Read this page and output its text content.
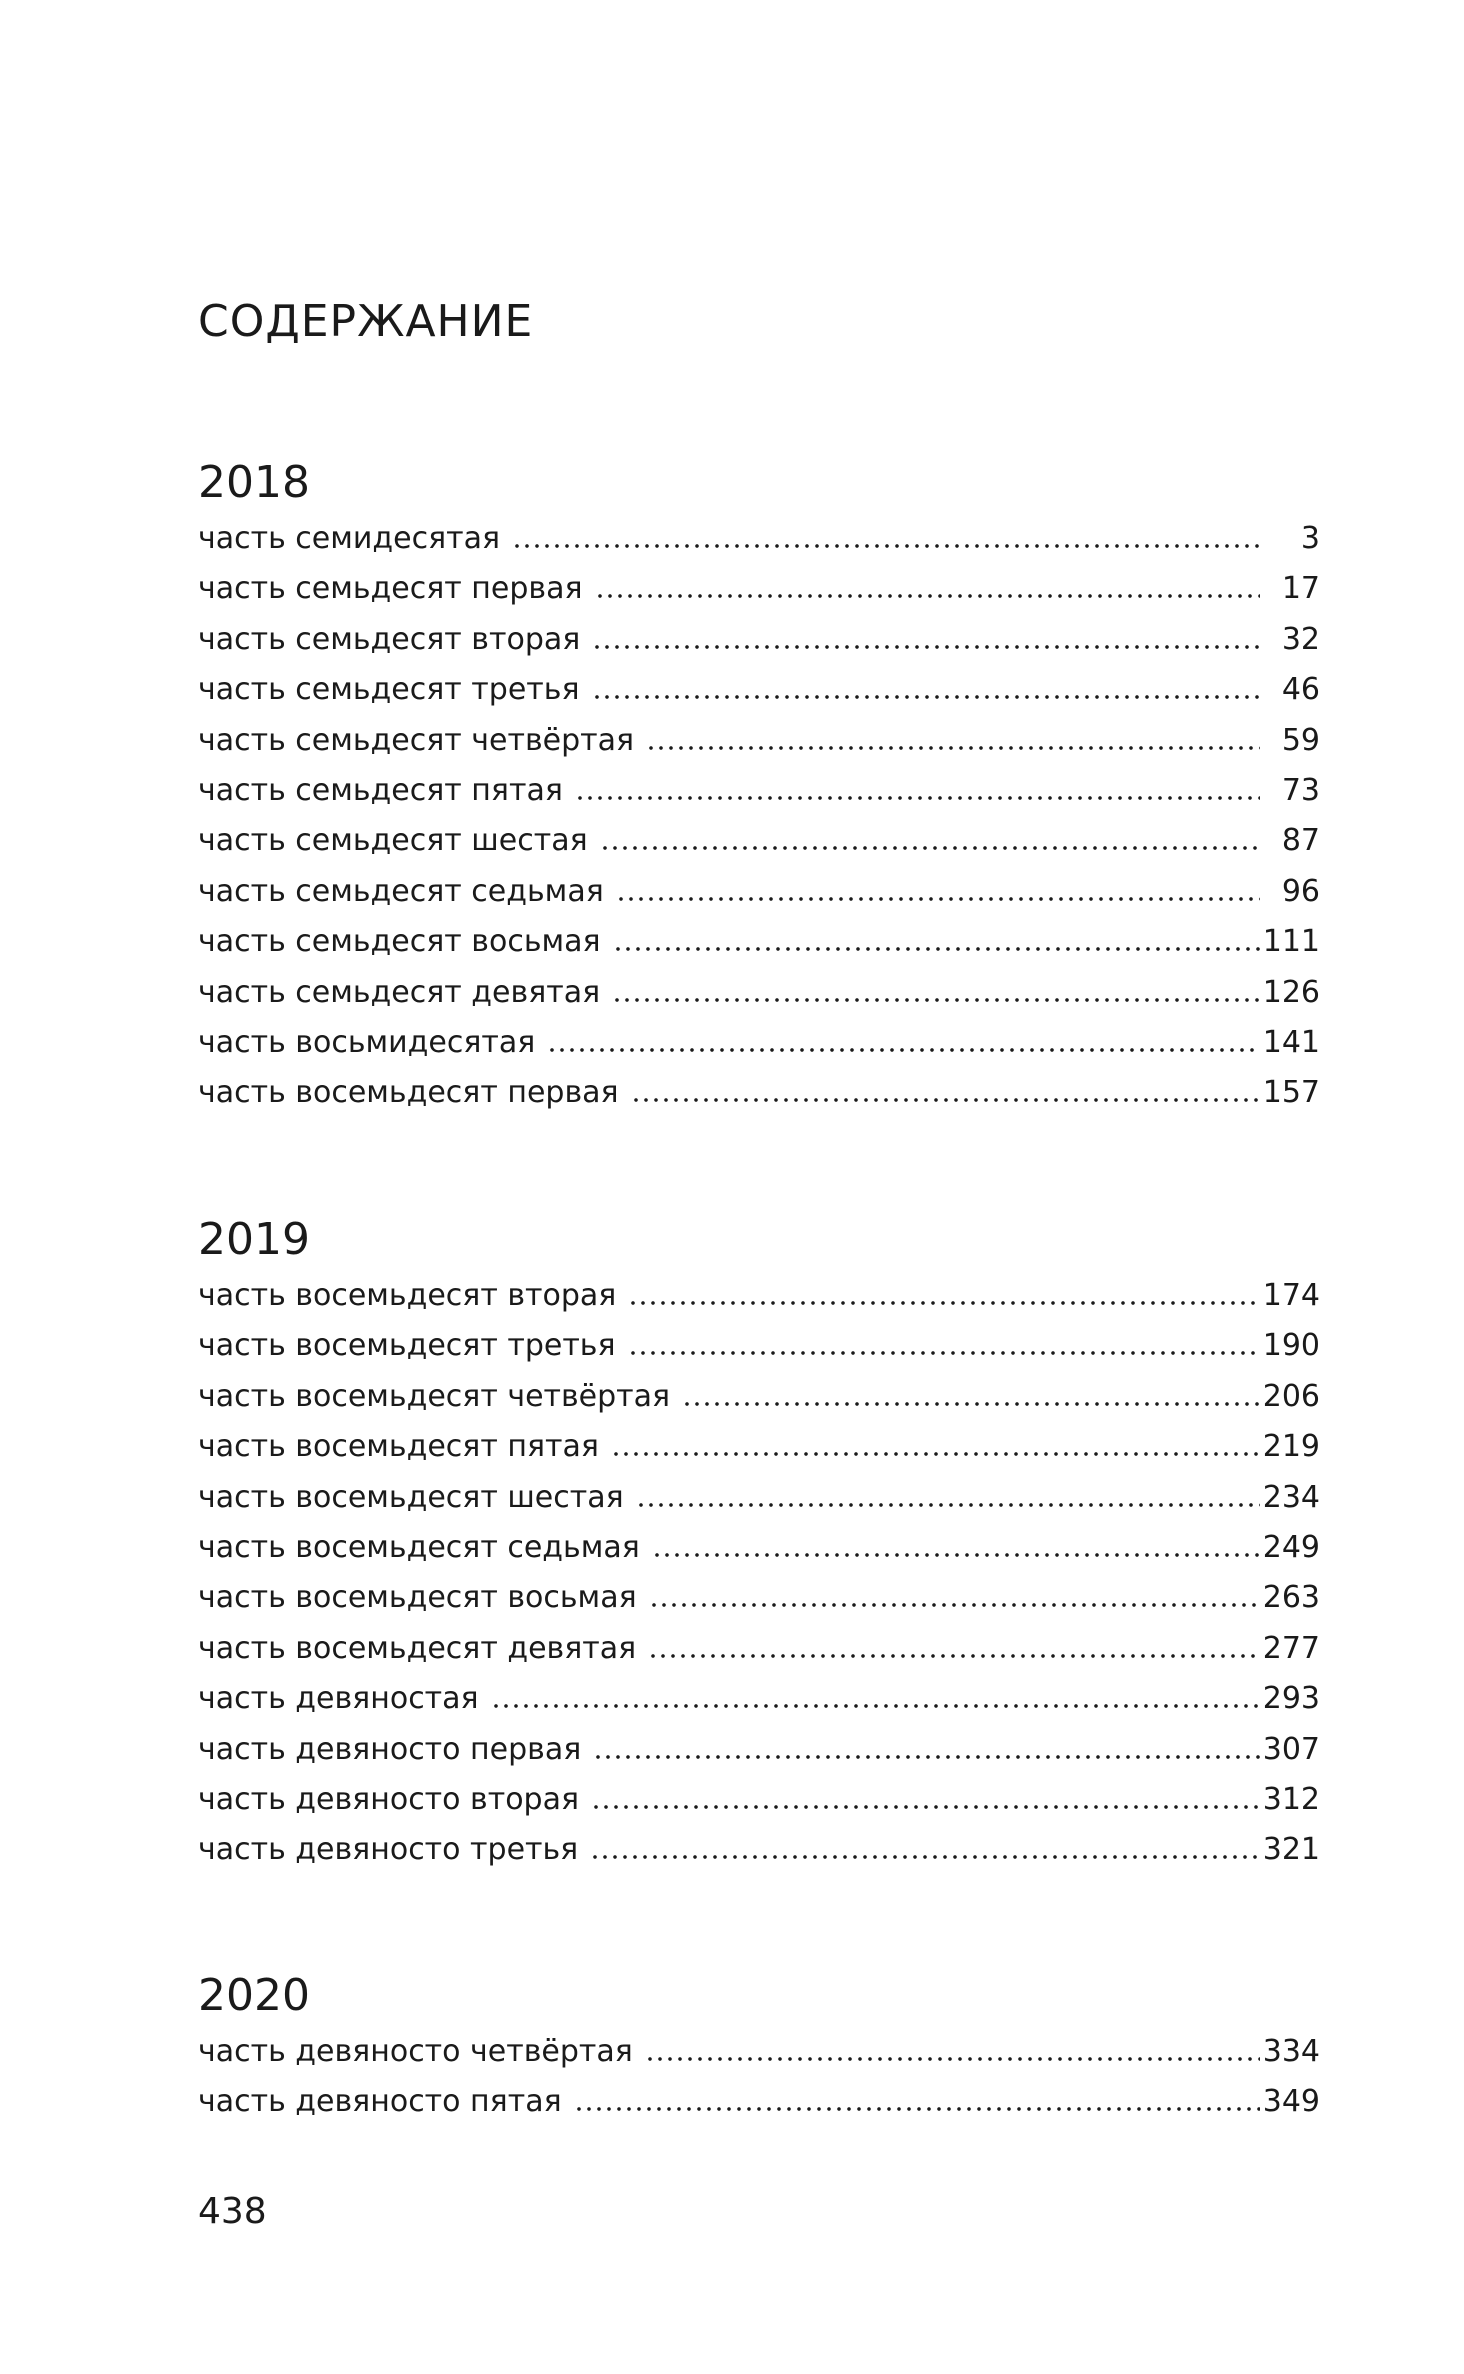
СОДЕРЖАНИЕ
2018
часть семидесятая	3
часть семьдесят первая	17
часть семьдесят вторая	32
часть семьдесят третья	46
часть семьдесят четвёртая	59
часть семьдесят пятая	73
часть семьдесят шестая	87
часть семьдесят седьмая	96
часть семьдесят восьмая	111
часть семьдесят девятая	126
часть восьмидесятая	141
часть восемьдесят первая	157
2019
часть восемьдесят вторая	174
часть восемьдесят третья	190
часть восемьдесят четвёртая	206
часть восемьдесят пятая	219
часть восемьдесят шестая	234
часть восемьдесят седьмая	249
часть восемьдесят восьмая	263
часть восемьдесят девятая	277
часть девяностая	293
часть девяносто первая	307
часть девяносто вторая	312
часть девяносто третья	321
2020
часть девяносто четвёртая	334
часть девяносто пятая	349
438
